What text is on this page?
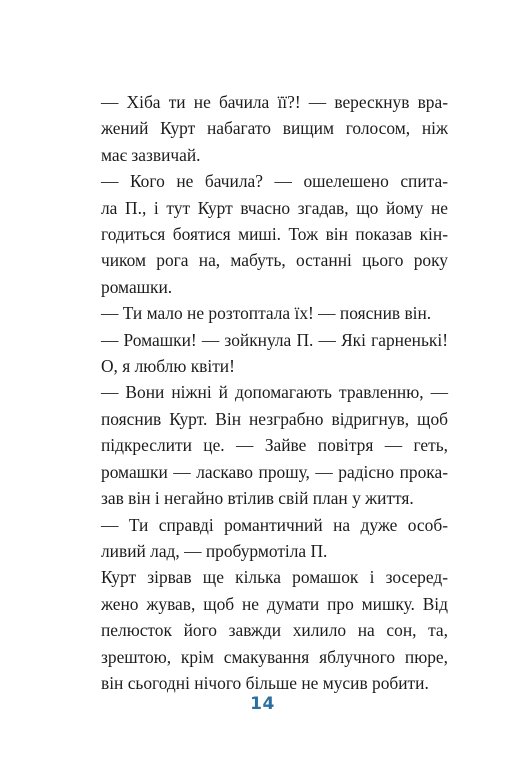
— Хіба ти не бачила її?! — верескнув вра-
жений Курт набагато вищим голосом, ніж
має зазвичай.

— Кого не бачила? — ошелешено спита-
ла П., і тут Курт вчасно згадав, що йому не
годиться боятися миші. Тож він показав кін-
чиком рога на, мабуть, останні цього року
ромашки.

— Ти мало не розтоптала їх! — пояснив він.

— Ромашки! — зойкнула П. — Які гарненькі!
О, я люблю квіти!

— Вони ніжні й допомагають травленню, —
пояснив Курт. Він незграбно відригнув, щоб
підкреслити це. — Зайве повітря — геть,
ромашки — ласкаво прошу, — радісно прока-
зав він і негайно втілив свій план у життя.

— Ти справді романтичний на дуже особ-
ливий лад, — пробурмотіла П.

Курт зірвав ще кілька ромашок і зосеред-
жено жував, щоб не думати про мишку. Від
пелюсток його завжди хилило на сон, та,
зрештою, крім смакування яблучного пюре,
він сьогодні нічого більше не мусив робити.

14
